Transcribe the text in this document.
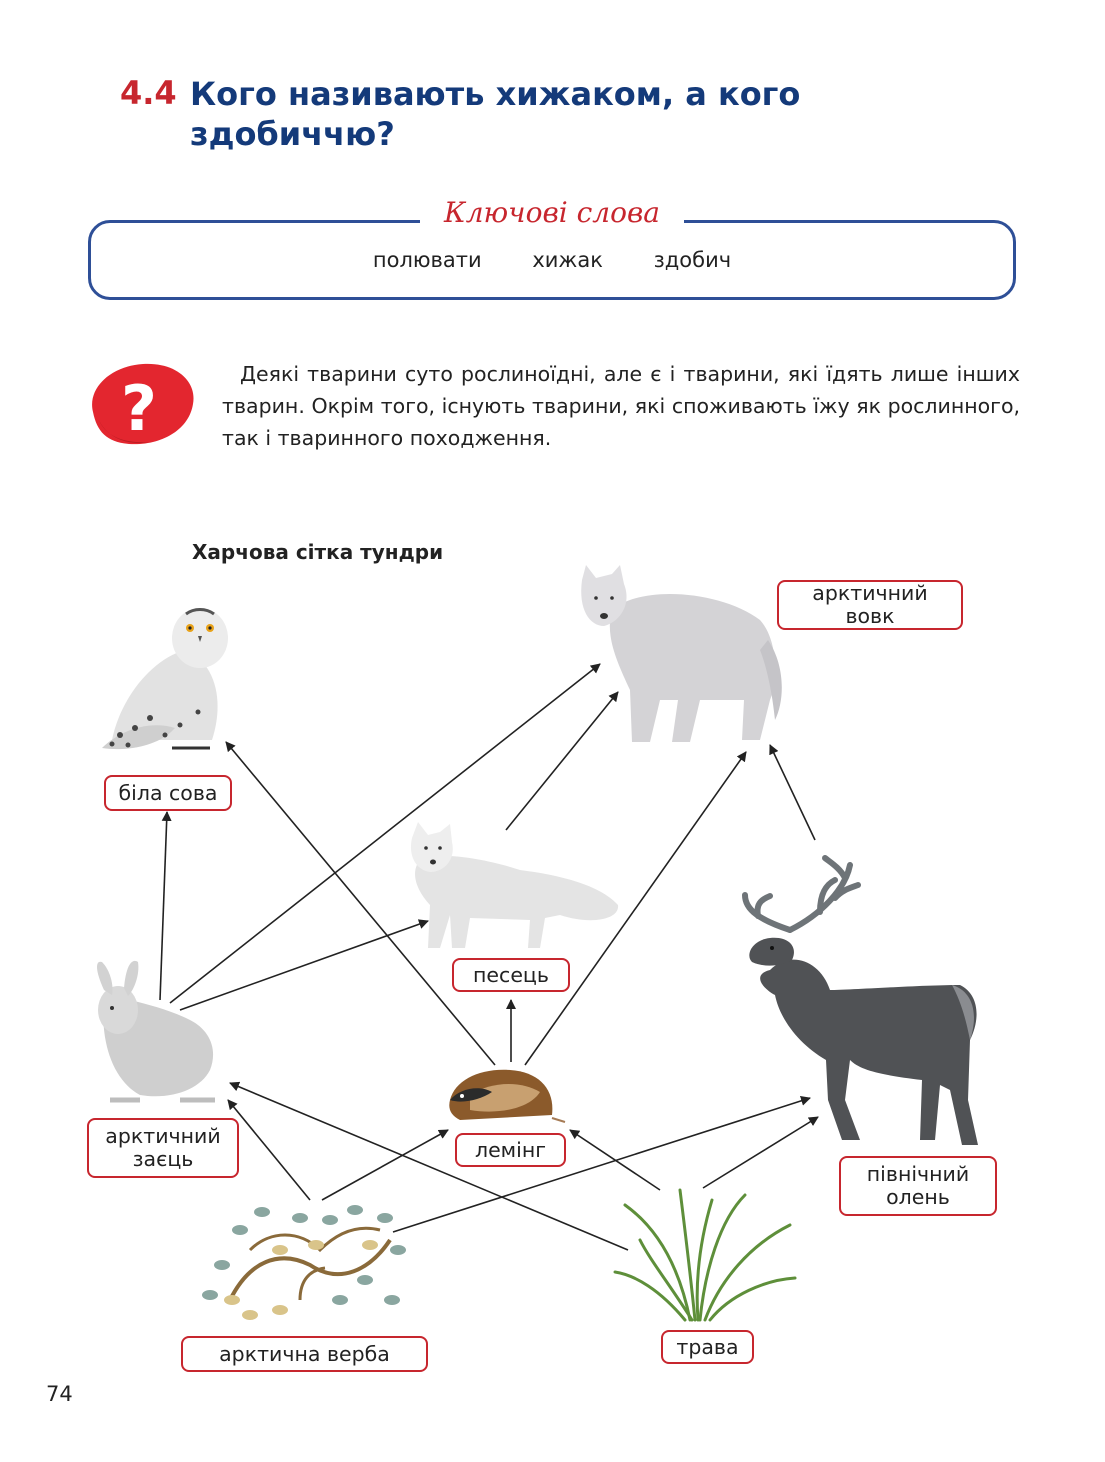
4.4 Кого називають хижаком, а кого здобиччю?
Ключові слова
полювати хижак здобич
?	Деякі тварини суто рослиноїдні, але є і тварини, які їдять лише інших тварин. Окрім того, існують тварини, які споживають їжу як рослинного, так і тваринного походження.
Харчова сітка тундри
арктичний
вовк
біла сова
песець
арктичний
заєць	лемінг
північний
олень
арктична верба	трава
74
